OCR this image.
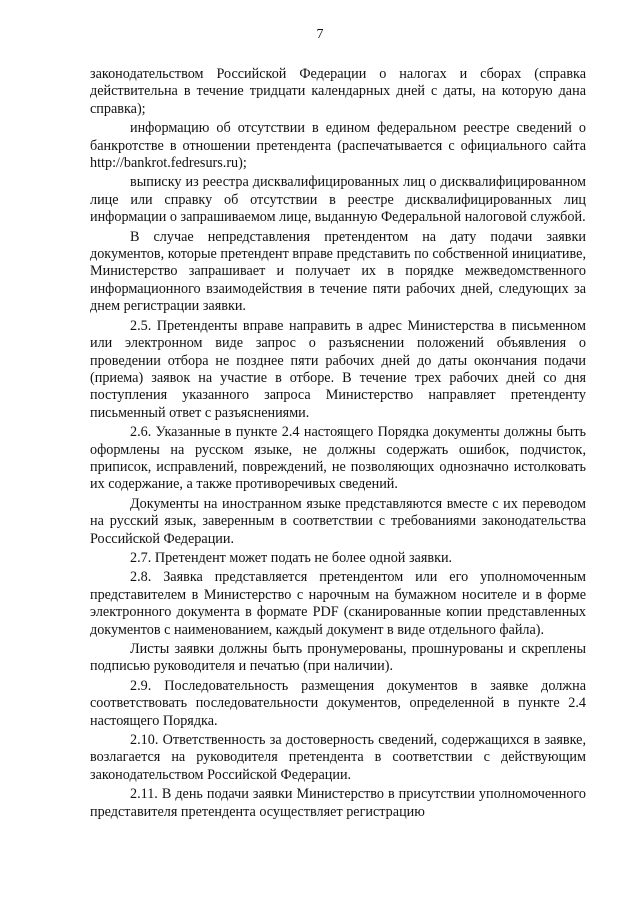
7

законодательством Российской Федерации о налогах и сборах (справка действительна в течение тридцати календарных дней с даты, на которую дана справка);

информацию об отсутствии в едином федеральном реестре сведений о банкротстве в отношении претендента (распечатывается с официального сайта http://bankrot.fedresurs.ru);

выписку из реестра дисквалифицированных лиц о дисквалифицированном лице или справку об отсутствии в реестре дисквалифицированных лиц информации о запрашиваемом лице, выданную Федеральной налоговой службой.

В случае непредставления претендентом на дату подачи заявки документов, которые претендент вправе представить по собственной инициативе, Министерство запрашивает и получает их в порядке межведомственного информационного взаимодействия в течение пяти рабочих дней, следующих за днем регистрации заявки.

2.5. Претенденты вправе направить в адрес Министерства в письменном или электронном виде запрос о разъяснении положений объявления о проведении отбора не позднее пяти рабочих дней до даты окончания подачи (приема) заявок на участие в отборе. В течение трех рабочих дней со дня поступления указанного запроса Министерство направляет претенденту письменный ответ с разъяснениями.

2.6. Указанные в пункте 2.4 настоящего Порядка документы должны быть оформлены на русском языке, не должны содержать ошибок, подчисток, приписок, исправлений, повреждений, не позволяющих однозначно истолковать их содержание, а также противоречивых сведений.

Документы на иностранном языке представляются вместе с их переводом на русский язык, заверенным в соответствии с требованиями законодательства Российской Федерации.

2.7. Претендент может подать не более одной заявки.

2.8. Заявка представляется претендентом или его уполномоченным представителем в Министерство с нарочным на бумажном носителе и в форме электронного документа в формате PDF (сканированные копии представленных документов с наименованием, каждый документ в виде отдельного файла).

Листы заявки должны быть пронумерованы, прошнурованы и скреплены подписью руководителя и печатью (при наличии).

2.9. Последовательность размещения документов в заявке должна соответствовать последовательности документов, определенной в пункте 2.4 настоящего Порядка.

2.10. Ответственность за достоверность сведений, содержащихся в заявке, возлагается на руководителя претендента в соответствии с действующим законодательством Российской Федерации.

2.11. В день подачи заявки Министерство в присутствии уполномоченного представителя претендента осуществляет регистрацию
